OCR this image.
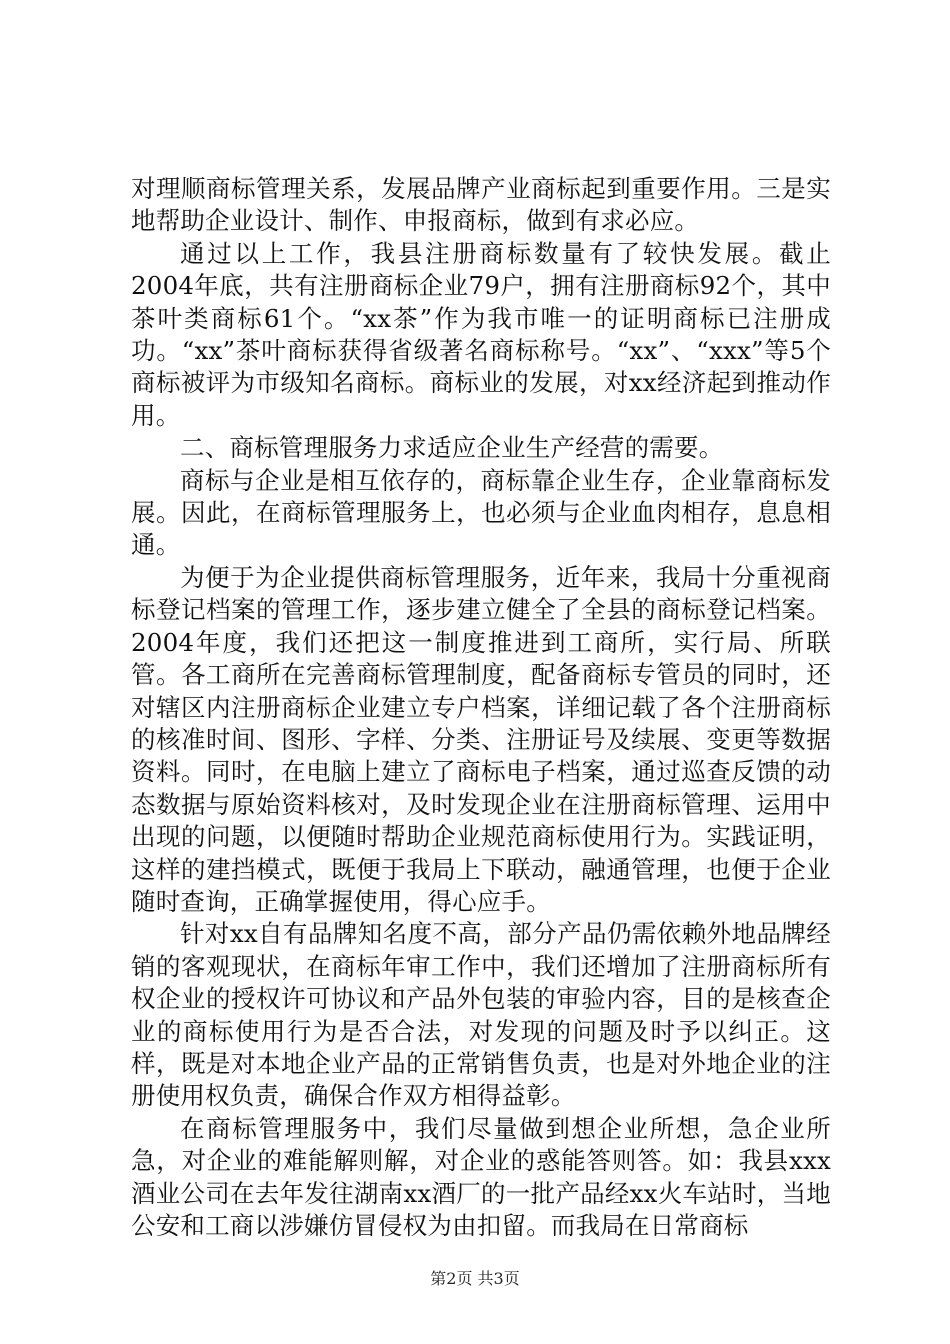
对理顺商标管理关系，发展品牌产业商标起到重要作用。三是实地帮助企业设计、制作、申报商标，做到有求必应。

通过以上工作，我县注册商标数量有了较快发展。截止2004年底，共有注册商标企业79户，拥有注册商标92个，其中茶叶类商标61个。“xx茶”作为我市唯一的证明商标已注册成功。“xx”茶叶商标获得省级著名商标称号。“xx”、“xxx”等5个商标被评为市级知名商标。商标业的发展，对xx经济起到推动作用。

二、商标管理服务力求适应企业生产经营的需要。

商标与企业是相互依存的，商标靠企业生存，企业靠商标发展。因此，在商标管理服务上，也必须与企业血肉相存，息息相通。

为便于为企业提供商标管理服务，近年来，我局十分重视商标登记档案的管理工作，逐步建立健全了全县的商标登记档案。2004年度，我们还把这一制度推进到工商所，实行局、所联管。各工商所在完善商标管理制度，配备商标专管员的同时，还对辖区内注册商标企业建立专户档案，详细记载了各个注册商标的核准时间、图形、字样、分类、注册证号及续展、变更等数据资料。同时，在电脑上建立了商标电子档案，通过巡查反馈的动态数据与原始资料核对，及时发现企业在注册商标管理、运用中出现的问题，以便随时帮助企业规范商标使用行为。实践证明，这样的建挡模式，既便于我局上下联动，融通管理，也便于企业随时查询，正确掌握使用，得心应手。

针对xx自有品牌知名度不高，部分产品仍需依赖外地品牌经销的客观现状，在商标年审工作中，我们还增加了注册商标所有权企业的授权许可协议和产品外包装的审验内容，目的是核查企业的商标使用行为是否合法，对发现的问题及时予以纠正。这样，既是对本地企业产品的正常销售负责，也是对外地企业的注册使用权负责，确保合作双方相得益彰。

在商标管理服务中，我们尽量做到想企业所想，急企业所急，对企业的难能解则解，对企业的惑能答则答。如：我县xxx酒业公司在去年发往湖南xx酒厂的一批产品经xx火车站时，当地公安和工商以涉嫌仿冒侵权为由扣留。而我局在日常商标

第2页 共3页
